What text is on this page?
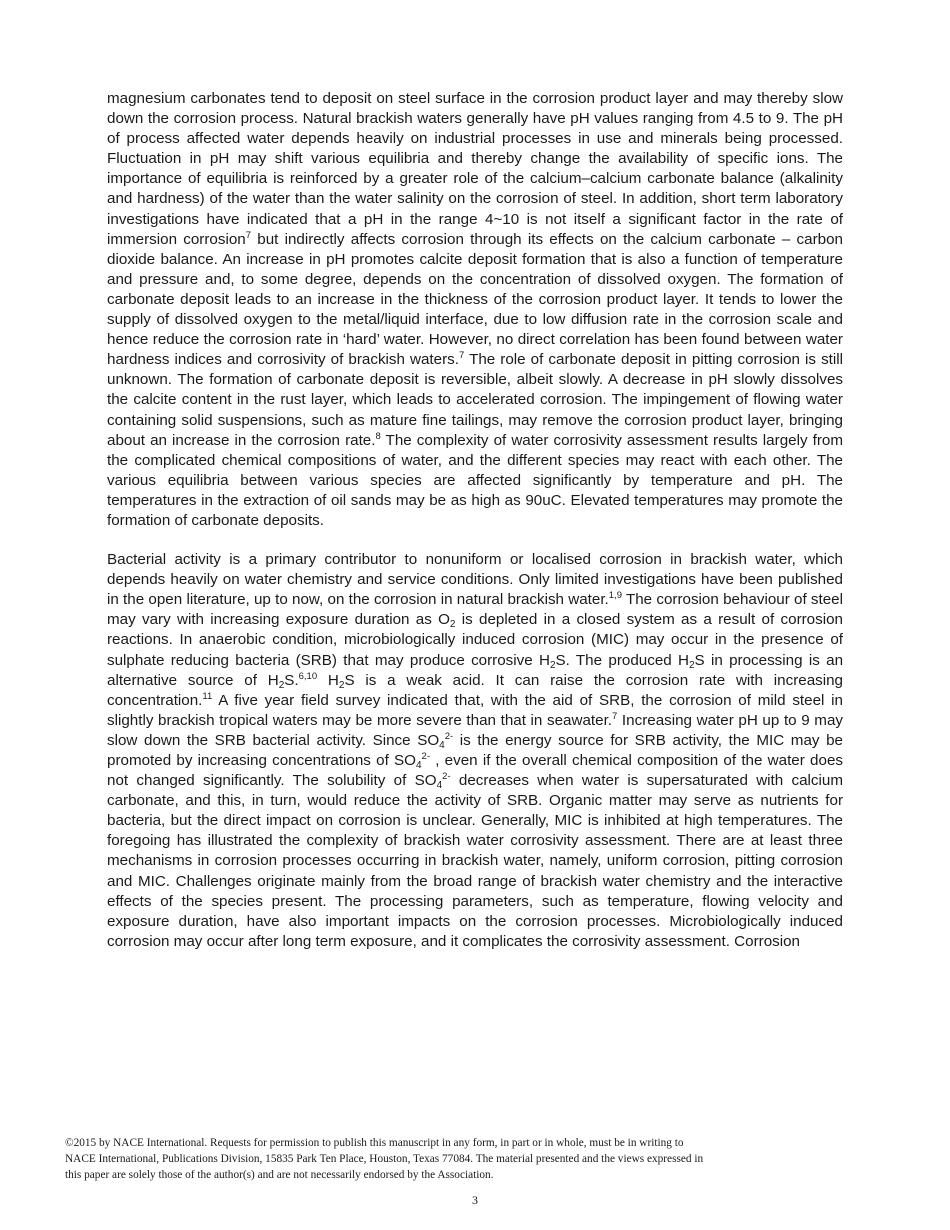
magnesium carbonates tend to deposit on steel surface in the corrosion product layer and may thereby slow down the corrosion process. Natural brackish waters generally have pH values ranging from 4.5 to 9. The pH of process affected water depends heavily on industrial processes in use and minerals being processed. Fluctuation in pH may shift various equilibria and thereby change the availability of specific ions. The importance of equilibria is reinforced by a greater role of the calcium–calcium carbonate balance (alkalinity and hardness) of the water than the water salinity on the corrosion of steel. In addition, short term laboratory investigations have indicated that a pH in the range 4~10 is not itself a significant factor in the rate of immersion corrosion$^7$ but indirectly affects corrosion through its effects on the calcium carbonate – carbon dioxide balance. An increase in pH promotes calcite deposit formation that is also a function of temperature and pressure and, to some degree, depends on the concentration of dissolved oxygen. The formation of carbonate deposit leads to an increase in the thickness of the corrosion product layer. It tends to lower the supply of dissolved oxygen to the metal/liquid interface, due to low diffusion rate in the corrosion scale and hence reduce the corrosion rate in ‘hard’ water. However, no direct correlation has been found between water hardness indices and corrosivity of brackish waters.$^7$ The role of carbonate deposit in pitting corrosion is still unknown. The formation of carbonate deposit is reversible, albeit slowly. A decrease in pH slowly dissolves the calcite content in the rust layer, which leads to accelerated corrosion. The impingement of flowing water containing solid suspensions, such as mature fine tailings, may remove the corrosion product layer, bringing about an increase in the corrosion rate.$^8$ The complexity of water corrosivity assessment results largely from the complicated chemical compositions of water, and the different species may react with each other. The various equilibria between various species are affected significantly by temperature and pH. The temperatures in the extraction of oil sands may be as high as 90uC. Elevated temperatures may promote the formation of carbonate deposits.

Bacterial activity is a primary contributor to nonuniform or localised corrosion in brackish water, which depends heavily on water chemistry and service conditions. Only limited investigations have been published in the open literature, up to now, on the corrosion in natural brackish water.$^{1,9}$ The corrosion behaviour of steel may vary with increasing exposure duration as $O_2$ is depleted in a closed system as a result of corrosion reactions. In anaerobic condition, microbiologically induced corrosion (MIC) may occur in the presence of sulphate reducing bacteria (SRB) that may produce corrosive $H_2S$. The produced $H_2S$ in processing is an alternative source of $H_2S.^{6,10}$ $H_2S$ is a weak acid. It can raise the corrosion rate with increasing concentration.$^{11}$ A five year field survey indicated that, with the aid of SRB, the corrosion of mild steel in slightly brackish tropical waters may be more severe than that in seawater.$^7$ Increasing water pH up to 9 may slow down the SRB bacterial activity. Since $SO_4^{2-}$ is the energy source for SRB activity, the MIC may be promoted by increasing concentrations of $SO_4^{2-}$ , even if the overall chemical composition of the water does not changed significantly. The solubility of $SO_4^{2-}$ decreases when water is supersaturated with calcium carbonate, and this, in turn, would reduce the activity of SRB. Organic matter may serve as nutrients for bacteria, but the direct impact on corrosion is unclear. Generally, MIC is inhibited at high temperatures. The foregoing has illustrated the complexity of brackish water corrosivity assessment. There are at least three mechanisms in corrosion processes occurring in brackish water, namely, uniform corrosion, pitting corrosion and MIC. Challenges originate mainly from the broad range of brackish water chemistry and the interactive effects of the species present. The processing parameters, such as temperature, flowing velocity and exposure duration, have also important impacts on the corrosion processes. Microbiologically induced corrosion may occur after long term exposure, and it complicates the corrosivity assessment. Corrosion

©2015 by NACE International. Requests for permission to publish this manuscript in any form, in part or in whole, must be in writing to

NACE International, Publications Division, 15835 Park Ten Place, Houston, Texas 77084. The material presented and the views expressed in

this paper are solely those of the author(s) and are not necessarily endorsed by the Association.

3
